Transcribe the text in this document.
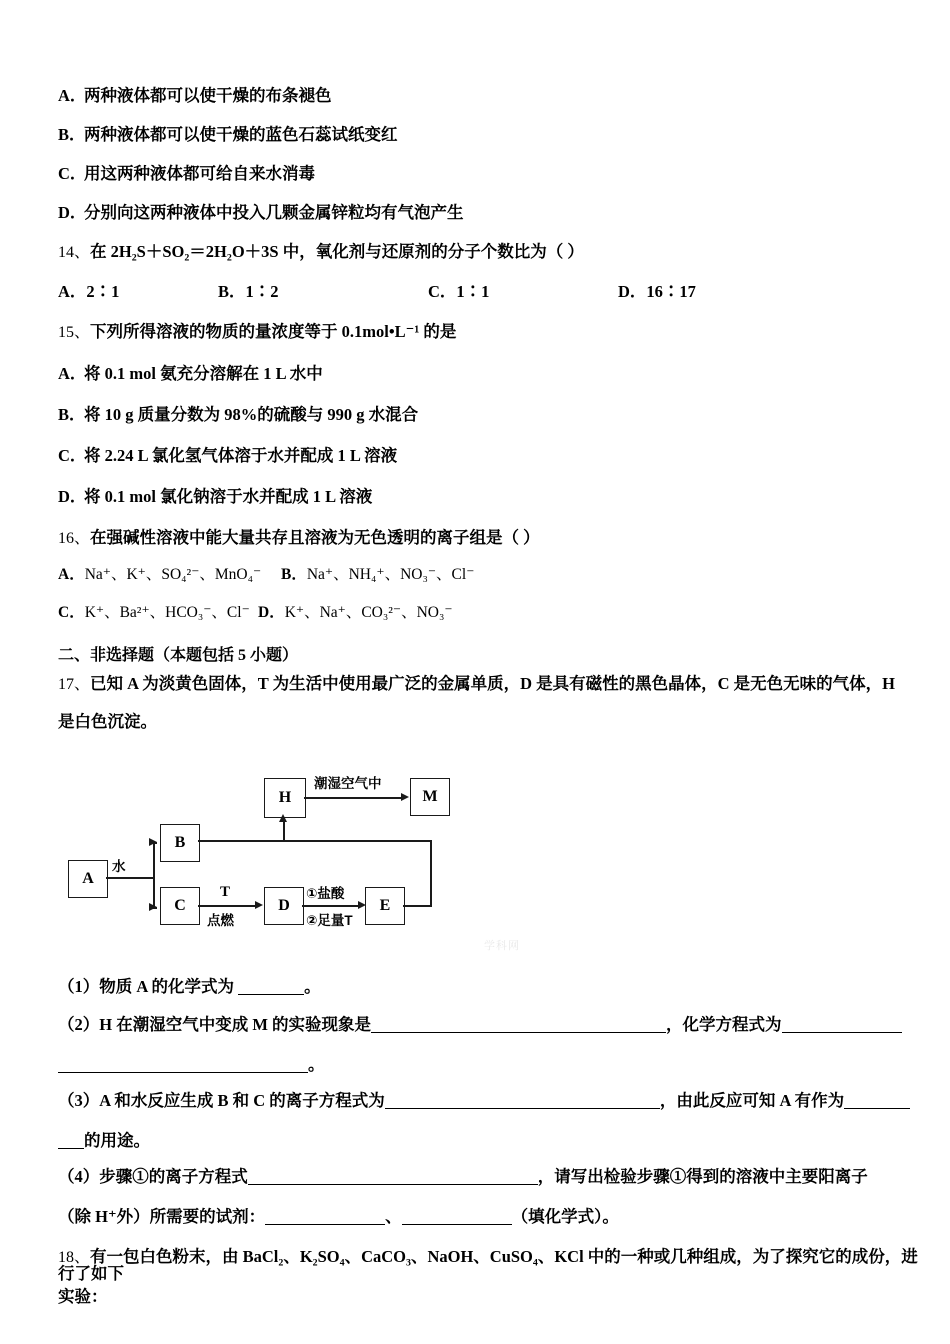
A．两种液体都可以使干燥的布条褪色
B．两种液体都可以使干燥的蓝色石蕊试纸变红
C．用这两种液体都可给自来水消毒
D．分别向这两种液体中投入几颗金属锌粒均有气泡产生
14、在 2H₂S＋SO₂＝2H₂O＋3S 中，氧化剂与还原剂的分子个数比为（ ）
A．2∶1	B．1∶2	C．1∶1	D．16∶17
15、下列所得溶液的物质的量浓度等于 0.1mol•L⁻¹ 的是
A．将 0.1 mol 氨充分溶解在 1 L 水中
B．将 10 g 质量分数为 98%的硫酸与 990 g 水混合
C．将 2.24 L 氯化氢气体溶于水并配成 1 L 溶液
D．将 0.1 mol 氯化钠溶于水并配成 1 L 溶液
16、在强碱性溶液中能大量共存且溶液为无色透明的离子组是（ ）
A．Na⁺、K⁺、SO₄²⁻、MnO₄⁻ B．Na⁺、NH₄⁺、NO₃⁻、Cl⁻
C．K⁺、Ba²⁺、HCO₃⁻、Cl⁻ D．K⁺、Na⁺、CO₃²⁻、NO₃⁻
二、非选择题（本题包括 5 小题）
17、已知 A 为淡黄色固体，T 为生活中使用最广泛的金属单质，D 是具有磁性的黑色晶体，C 是无色无味的气体，H
是白色沉淀。
A
B
C	D	E
H	M
水
T
点燃
①盐酸
②足量T
潮湿空气中
学科网
（1）物质 A 的化学式为	。
（2）H 在潮湿空气中变成 M 的实验现象是	，化学方程式为
。
（3）A 和水反应生成 B 和 C 的离子方程式为	，由此反应可知 A 有作为
的用途。
（4）步骤①的离子方程式	，请写出检验步骤①得到的溶液中主要阳离子
（除 H⁺外）所需要的试剂：	、	（填化学式）。
18、有一包白色粉末，由 BaCl₂、K₂SO₄、CaCO₃、NaOH、CuSO₄、KCl 中的一种或几种组成，为了探究它的成份，进行了如下
实验：
